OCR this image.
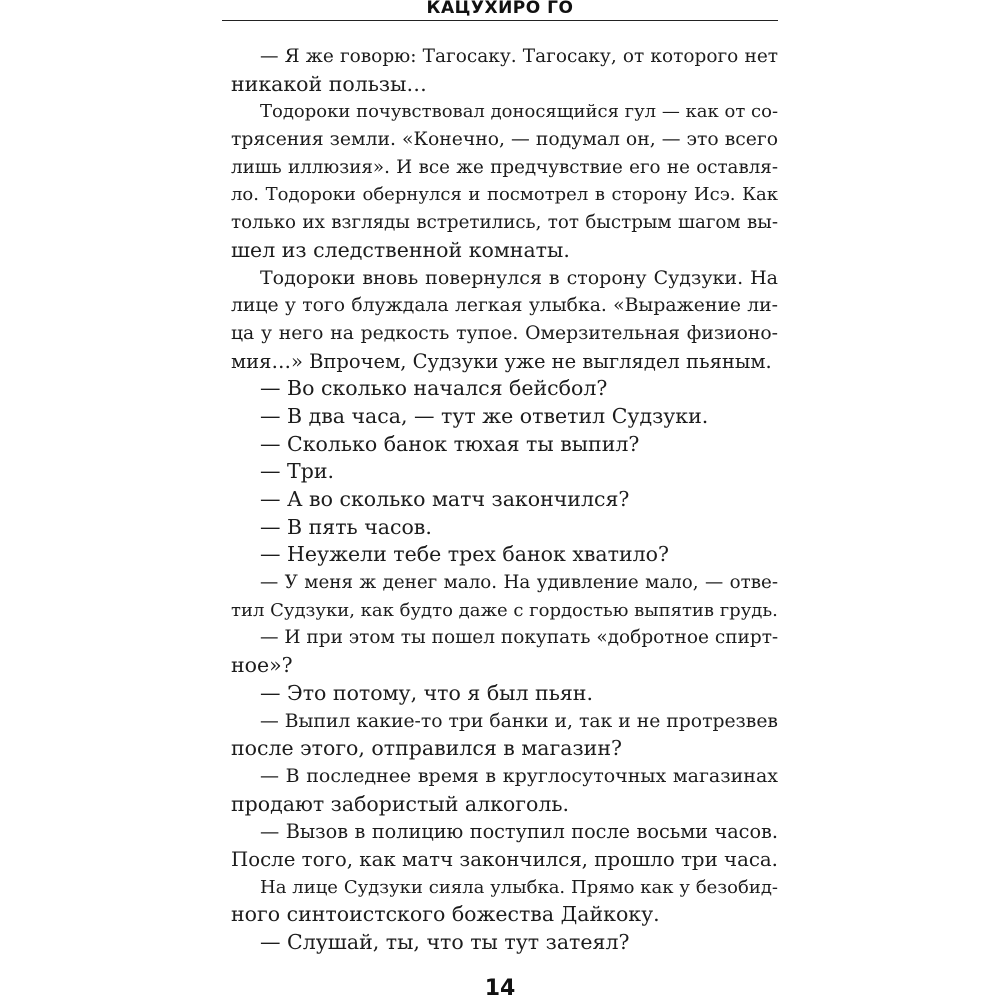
КАЦУХИРО ГО
— Я же говорю: Тагосаку. Тагосаку, от которого нет
никакой пользы…
Тодороки почувствовал доносящийся гул — как от со-
трясения земли. «Конечно, — подумал он, — это всего
лишь иллюзия». И все же предчувствие его не оставля-
ло. Тодороки обернулся и посмотрел в сторону Исэ. Как
только их взгляды встретились, тот быстрым шагом вы-
шел из следственной комнаты.
Тодороки вновь повернулся в сторону Судзуки. На
лице у того блуждала легкая улыбка. «Выражение ли-
ца у него на редкость тупое. Омерзительная физионо-
мия…» Впрочем, Судзуки уже не выглядел пьяным.
— Во сколько начался бейсбол?
— В два часа, — тут же ответил Судзуки.
— Сколько банок тюхая ты выпил?
— Три.
— А во сколько матч закончился?
— В пять часов.
— Неужели тебе трех банок хватило?
— У меня ж денег мало. На удивление мало, — отве-
тил Судзуки, как будто даже с гордостью выпятив грудь.
— И при этом ты пошел покупать «добротное спирт-
ное»?
— Это потому, что я был пьян.
— Выпил какие-то три банки и, так и не протрезвев
после этого, отправился в магазин?
— В последнее время в круглосуточных магазинах
продают забористый алкоголь.
— Вызов в полицию поступил после восьми часов.
После того, как матч закончился, прошло три часа.
На лице Судзуки сияла улыбка. Прямо как у безобид-
ного синтоистского божества Дайкоку.
— Слушай, ты, что ты тут затеял?
14
